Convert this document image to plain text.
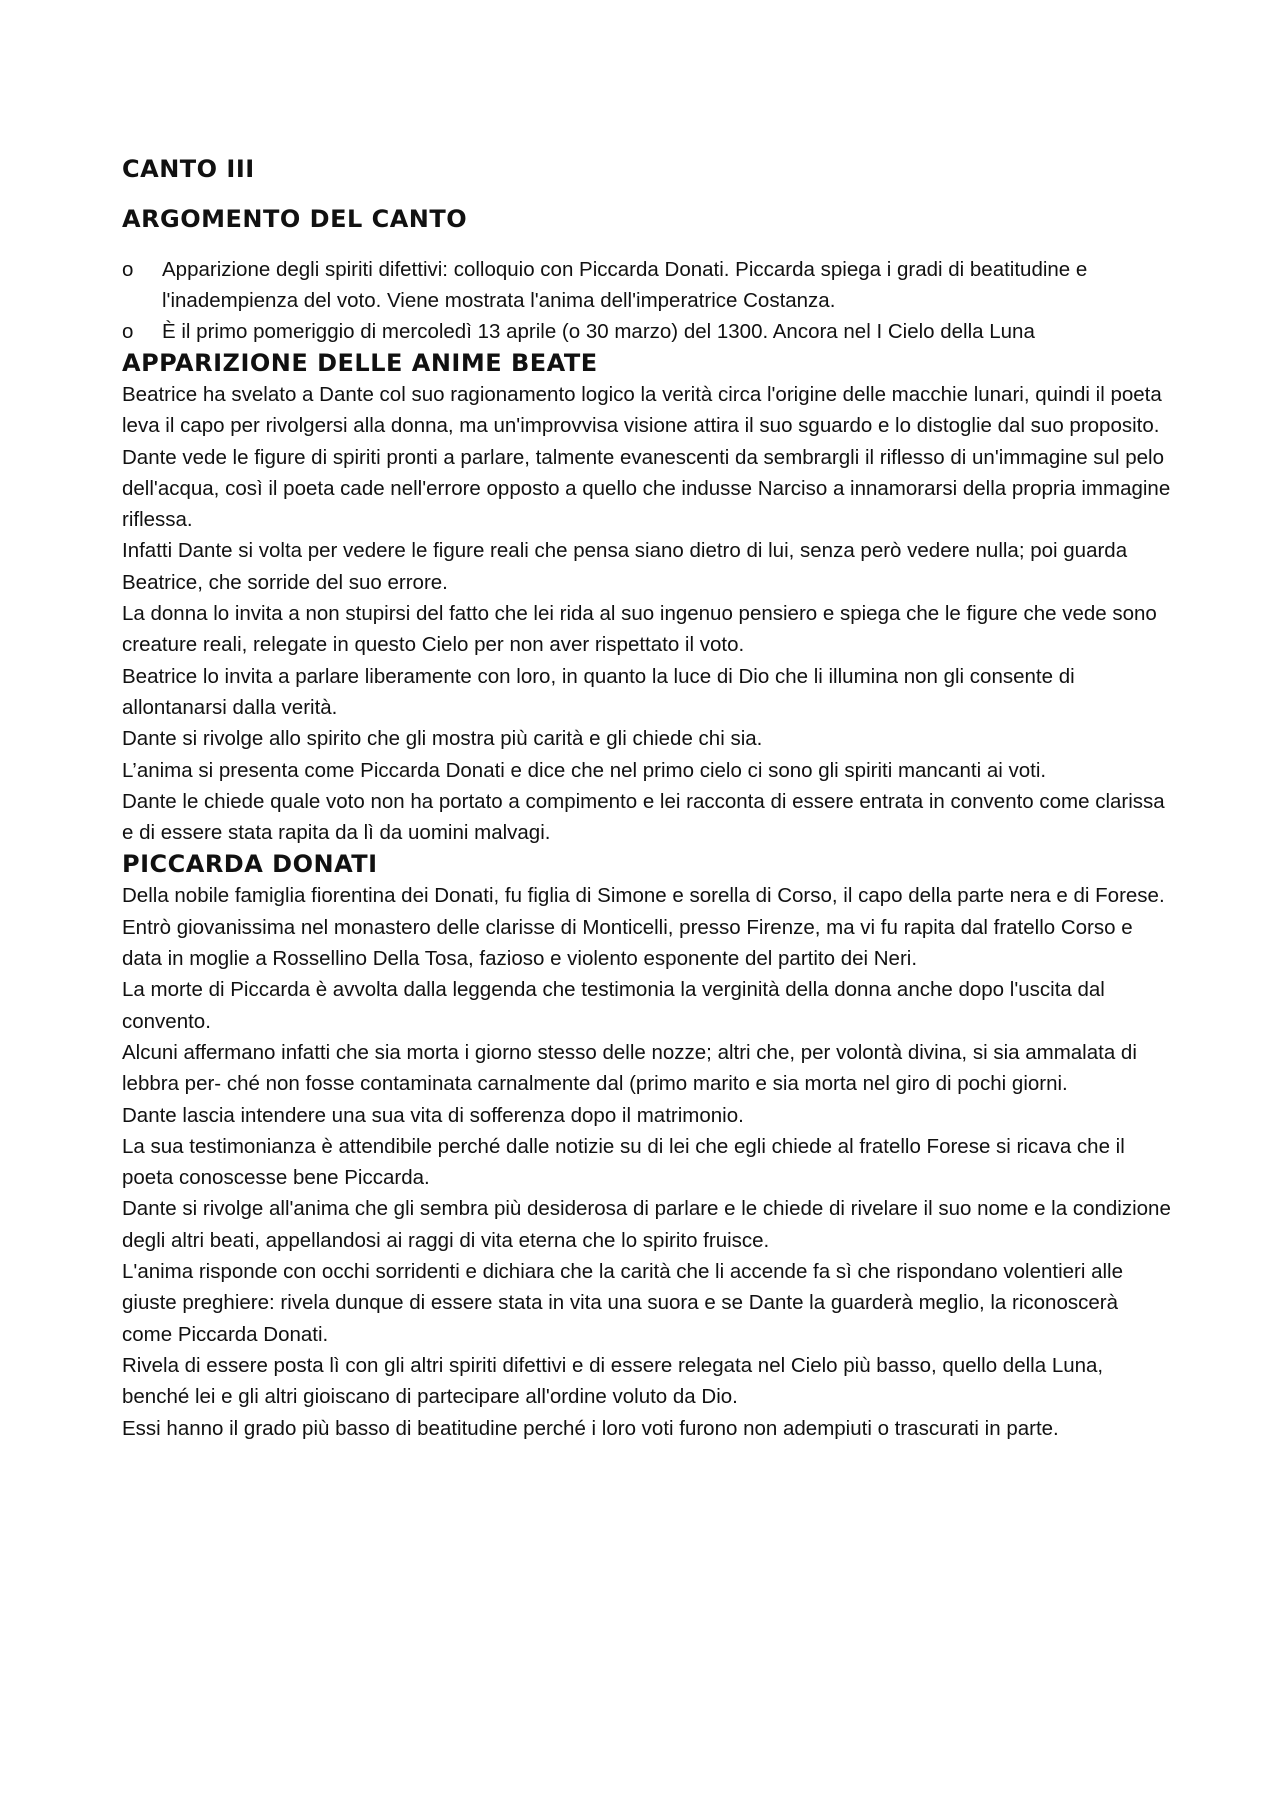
CANTO III
ARGOMENTO DEL CANTO
o Apparizione degli spiriti difettivi: colloquio con Piccarda Donati. Piccarda spiega i gradi di beatitudine e l'inadempienza del voto. Viene mostrata l'anima dell'imperatrice Costanza.
o È il primo pomeriggio di mercoledì 13 aprile (o 30 marzo) del 1300. Ancora nel I Cielo della Luna
APPARIZIONE DELLE ANIME BEATE

Beatrice ha svelato a Dante col suo ragionamento logico la verità circa l'origine delle macchie lunari, quindi il poeta leva il capo per rivolgersi alla donna, ma un'improvvisa visione attira il suo sguardo e lo distoglie dal suo proposito.

Dante vede le figure di spiriti pronti a parlare, talmente evanescenti da sembrargli il riflesso di un'immagine sul pelo dell'acqua, così il poeta cade nell'errore opposto a quello che indusse Narciso a innamorarsi della propria immagine riflessa.

Infatti Dante si volta per vedere le figure reali che pensa siano dietro di lui, senza però vedere nulla; poi guarda Beatrice, che sorride del suo errore.

La donna lo invita a non stupirsi del fatto che lei rida al suo ingenuo pensiero e spiega che le figure che vede sono creature reali, relegate in questo Cielo per non aver rispettato il voto.

Beatrice lo invita a parlare liberamente con loro, in quanto la luce di Dio che li illumina non gli consente di allontanarsi dalla verità.

Dante si rivolge allo spirito che gli mostra più carità e gli chiede chi sia.

L’anima si presenta come Piccarda Donati e dice che nel primo cielo ci sono gli spiriti mancanti ai voti.

Dante le chiede quale voto non ha portato a compimento e lei racconta di essere entrata in convento come clarissa e di essere stata rapita da lì da uomini malvagi.

PICCARDA DONATI

Della nobile famiglia fiorentina dei Donati, fu figlia di Simone e sorella di Corso, il capo della parte nera e di Forese.

Entrò giovanissima nel monastero delle clarisse di Monticelli, presso Firenze, ma vi fu rapita dal fratello Corso e data in moglie a Rossellino Della Tosa, fazioso e violento esponente del partito dei Neri.

La morte di Piccarda è avvolta dalla leggenda che testimonia la verginità della donna anche dopo l'uscita dal convento.

Alcuni affermano infatti che sia morta i giorno stesso delle nozze; altri che, per volontà divina, si sia ammalata di lebbra per- ché non fosse contaminata carnalmente dal (primo marito e sia morta nel giro di pochi giorni.

Dante lascia intendere una sua vita di sofferenza dopo il matrimonio.

La sua testimonianza è attendibile perché dalle notizie su di lei che egli chiede al fratello Forese si ricava che il poeta conoscesse bene Piccarda.

Dante si rivolge all'anima che gli sembra più desiderosa di parlare e le chiede di rivelare il suo nome e la condizione degli altri beati, appellandosi ai raggi di vita eterna che lo spirito fruisce.

L'anima risponde con occhi sorridenti e dichiara che la carità che li accende fa sì che rispondano volentieri alle giuste preghiere: rivela dunque di essere stata in vita una suora e se Dante la guarderà meglio, la riconoscerà come Piccarda Donati.

Rivela di essere posta lì con gli altri spiriti difettivi e di essere relegata nel Cielo più basso, quello della Luna, benché lei e gli altri gioiscano di partecipare all'ordine voluto da Dio.

Essi hanno il grado più basso di beatitudine perché i loro voti furono non adempiuti o trascurati in parte.
